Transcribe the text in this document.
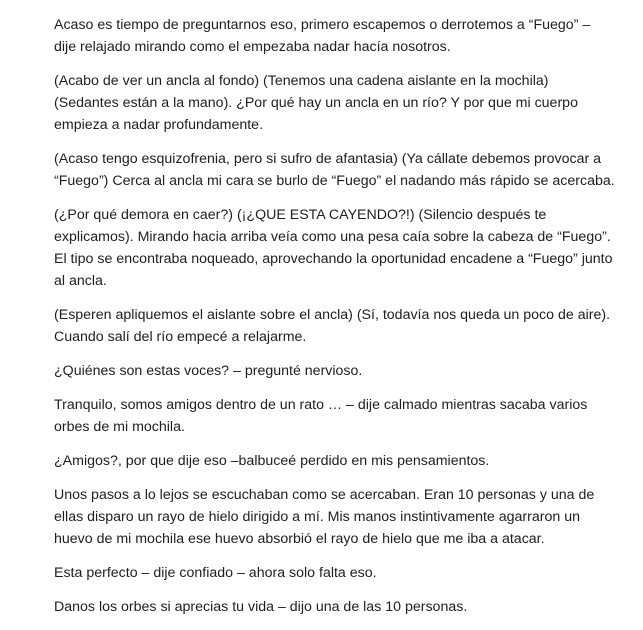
Acaso es tiempo de preguntarnos eso, primero escapemos o derrotemos a “Fuego” – dije relajado mirando como el empezaba nadar hacía nosotros.

(Acabo de ver un ancla al fondo) (Tenemos una cadena aislante en la mochila) (Sedantes están a la mano). ¿Por qué hay un ancla en un río? Y por que mi cuerpo empieza a nadar profundamente.

(Acaso tengo esquizofrenia, pero si sufro de afantasia) (Ya cállate debemos provocar a “Fuego”) Cerca al ancla mi cara se burlo de “Fuego” el nadando más rápido se acercaba.

(¿Por qué demora en caer?) (¡¿QUE ESTA CAYENDO?!) (Silencio después te explicamos). Mirando hacia arriba veía como una pesa caía sobre la cabeza de “Fuego”. El tipo se encontraba noqueado, aprovechando la oportunidad encadene a “Fuego” junto al ancla.

(Esperen apliquemos el aislante sobre el ancla) (Sí, todavía nos queda un poco de aire). Cuando salí del río empecé a relajarme.

¿Quiénes son estas voces? – pregunté nervioso.

Tranquilo, somos amigos dentro de un rato … – dije calmado mientras sacaba varios orbes de mi mochila.

¿Amigos?, por que dije eso –balbuceé perdido en mis pensamientos.

Unos pasos a lo lejos se escuchaban como se acercaban. Eran 10 personas y una de ellas disparo un rayo de hielo dirigido a mí. Mis manos instintivamente agarraron un huevo de mi mochila ese huevo absorbió el rayo de hielo que me iba a atacar.

Esta perfecto – dije confiado – ahora solo falta eso.

Danos los orbes si aprecias tu vida – dijo una de las 10 personas.
